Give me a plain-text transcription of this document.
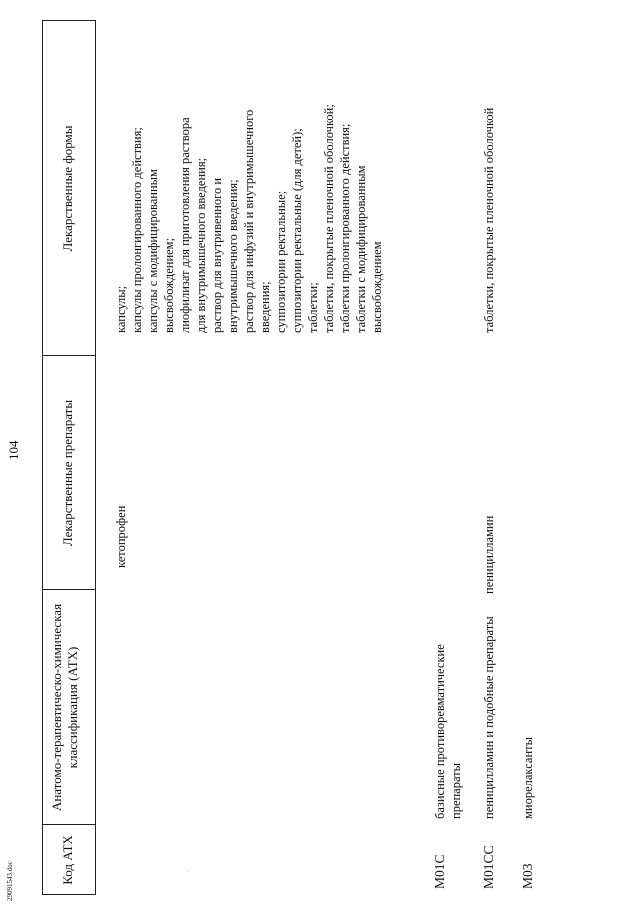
104
29091543.doc	·
Код АТХ
Анатомо-терапевтическо-химическая классификация (АТХ)
Лекарственные препараты
Лекарственные формы
кетопрофен
капсулы; капсулы пролонгированного действия; капсулы с модифицированным высвобождением; лиофилизат для приготовления раствора для внутримышечного введения; раствор для внутривенного и внутримышечного введения; раствор для инфузий и внутримышечного введения; суппозитории ректальные; суппозитории ректальные (для детей); таблетки; таблетки, покрытые пленочной оболочкой; таблетки пролонгированного действия; таблетки с модифицированным высвобождением
M01C
базисные противоревматические препараты
M01CC
пеницилламин и подобные препараты
пеницилламин
таблетки, покрытые пленочной оболочкой
M03
миорелаксанты
